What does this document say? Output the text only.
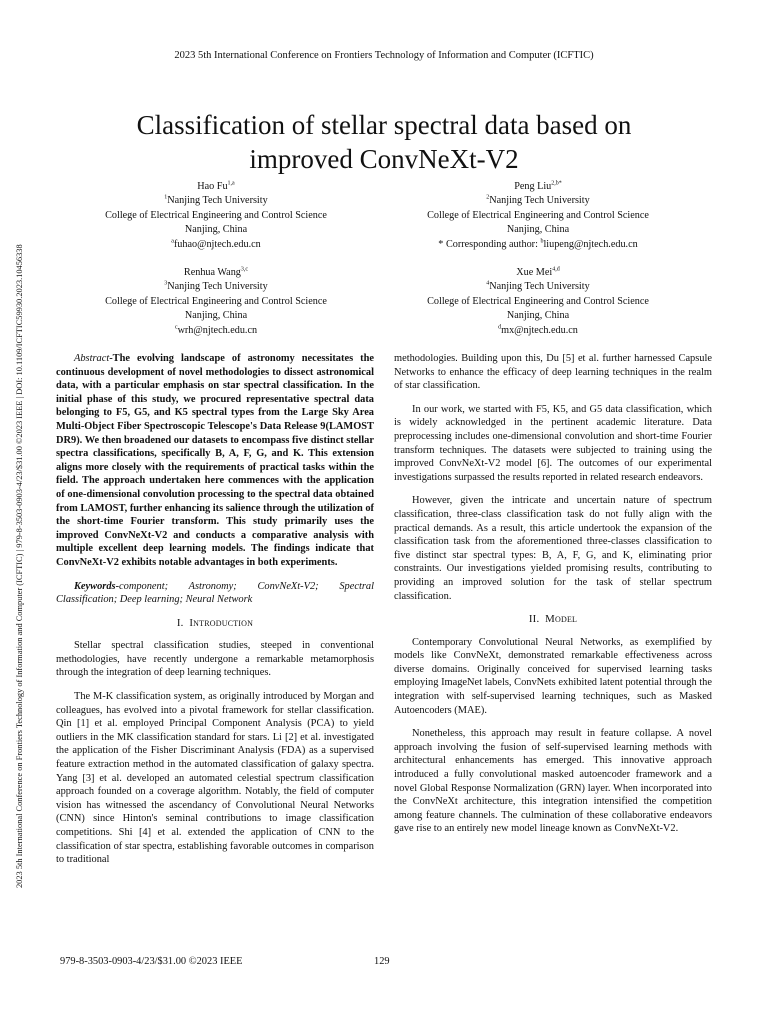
2023 5th International Conference on Frontiers Technology of Information and Computer (ICFTIC)
2023 5th International Conference on Frontiers Technology of Information and Computer (ICFTIC) | 979-8-3503-0903-4/23/$31.00 ©2023 IEEE | DOI: 10.1109/ICFTIC59930.2023.10456338
Classification of stellar spectral data based on
improved ConvNeXt-V2
Hao Fu$^{1,a}$
$^1$Nanjing Tech University
College of Electrical Engineering and Control Science
Nanjing, China
$^a$fuhao@njtech.edu.cn
Peng Liu$^{2,b*}$
$^2$Nanjing Tech University
College of Electrical Engineering and Control Science
Nanjing, China
* Corresponding author: $^b$liupeng@njtech.edu.cn
Renhua Wang$^{3,c}$
$^3$Nanjing Tech University
College of Electrical Engineering and Control Science
Nanjing, China
$^c$wrh@njtech.edu.cn
Xue Mei$^{4,d}$
$^4$Nanjing Tech University
College of Electrical Engineering and Control Science
Nanjing, China
$^d$mx@njtech.edu.cn

Abstract-The evolving landscape of astronomy necessitates the continuous development of novel methodologies to dissect astronomical data, with a particular emphasis on star spectral classification. In the initial phase of this study, we procured representative spectral data belonging to F5, G5, and K5 spectral types from the Large Sky Area Multi-Object Fiber Spectroscopic Telescope's Data Release 9(LAMOST DR9). We then broadened our datasets to encompass five distinct stellar spectra classifications, specifically B, A, F, G, and K. This extension aligns more closely with the requirements of practical tasks within the field. The approach undertaken here commences with the application of one-dimensional convolution processing to the spectral data obtained from LAMOST, further enhancing its salience through the utilization of the short-time Fourier transform. This study primarily uses the improved ConvNeXt-V2 and conducts a comparative analysis with multiple excellent deep learning models. The findings indicate that ConvNeXt-V2 exhibits notable advantages in both experiments.

Keywords-component; Astronomy; ConvNeXt-V2; Spectral Classification; Deep learning; Neural Network

I. Introduction

Stellar spectral classification studies, steeped in conventional methodologies, have recently undergone a remarkable metamorphosis through the integration of deep learning techniques.

The M-K classification system, as originally introduced by Morgan and colleagues, has evolved into a pivotal framework for stellar classification. Qin [1] et al. employed Principal Component Analysis (PCA) to yield outliers in the MK classification standard for stars. Li [2] et al. investigated the application of the Fisher Discriminant Analysis (FDA) as a supervised feature extraction method in the automated classification of galaxy spectra. Yang [3] et al. developed an automated celestial spectrum classification approach founded on a coverage algorithm. Notably, the field of computer vision has witnessed the ascendancy of Convolutional Neural Networks (CNN) since Hinton's seminal contributions to image classification competitions. Shi [4] et al. extended the application of CNN to the classification of star spectra, establishing favorable outcomes in comparison to traditional

methodologies. Building upon this, Du [5] et al. further harnessed Capsule Networks to enhance the efficacy of deep learning techniques in the realm of star classification.

In our work, we started with F5, K5, and G5 data classification, which is widely acknowledged in the pertinent academic literature. Data preprocessing includes one-dimensional convolution and short-time Fourier transform techniques. The datasets were subjected to training using the improved ConvNeXt-V2 model [6]. The outcomes of our experimental investigations surpassed the results reported in related research endeavors.

However, given the intricate and uncertain nature of spectrum classification, three-class classification task do not fully align with the practical demands. As a result, this article undertook the expansion of the classification task from the aforementioned three-classes classification to five distinct star spectral types: B, A, F, G, and K, eliminating prior constraints. Our investigations yielded promising results, contributing to providing an improved solution for the task of stellar spectrum classification.

II. Model

Contemporary Convolutional Neural Networks, as exemplified by models like ConvNeXt, demonstrated remarkable effectiveness across diverse domains. Originally conceived for supervised learning tasks employing ImageNet labels, ConvNets exhibited latent potential through the integration with self-supervised learning techniques, such as Masked Autoencoders (MAE).

Nonetheless, this approach may result in feature collapse. A novel approach involving the fusion of self-supervised learning methods with architectural enhancements has emerged. This innovative approach introduced a fully convolutional masked autoencoder framework and a novel Global Response Normalization (GRN) layer. When incorporated into the ConvNeXt architecture, this integration intensified the competition among feature channels. The culmination of these collaborative endeavors gave rise to an entirely new model lineage known as ConvNeXt-V2.

979-8-3503-0903-4/23/$31.00 ©2023 IEEE	129
